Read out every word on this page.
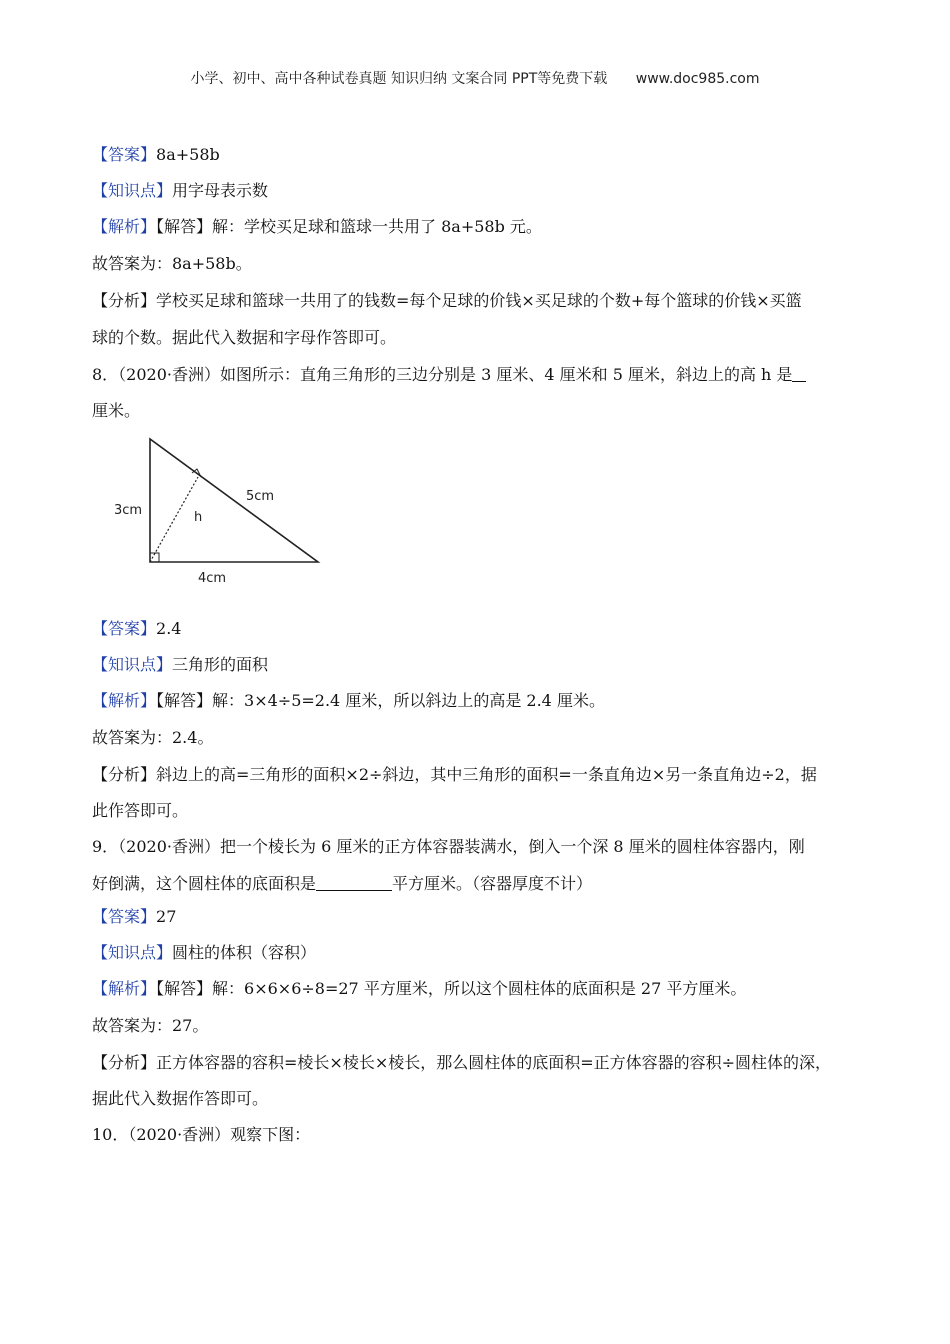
小学、初中、高中各种试卷真题 知识归纳 文案合同 PPT等免费下载 www.doc985.com
【答案】8a+58b
【知识点】用字母表示数
【解析】【解答】解：学校买足球和篮球一共用了 8a+58b 元。
故答案为：8a+58b。
【分析】学校买足球和篮球一共用了的钱数=每个足球的价钱×买足球的个数+每个篮球的价钱×买篮
球的个数。据此代入数据和字母作答即可。
8．（2020·香洲）如图所示：直角三角形的三边分别是 3 厘米、4 厘米和 5 厘米，斜边上的高 h 是
厘米。
3cm
4cm
5cm
h
【答案】2.4
【知识点】三角形的面积
【解析】【解答】解：3×4÷5=2.4 厘米，所以斜边上的高是 2.4 厘米。
故答案为：2.4。
【分析】斜边上的高=三角形的面积×2÷斜边，其中三角形的面积=一条直角边×另一条直角边÷2，据
此作答即可。
9．（2020·香洲）把一个棱长为 6 厘米的正方体容器装满水，倒入一个深 8 厘米的圆柱体容器内，刚
好倒满，这个圆柱体的底面积是	平方厘米。（容器厚度不计）
【答案】27
【知识点】圆柱的体积（容积）
【解析】【解答】解：6×6×6÷8=27 平方厘米，所以这个圆柱体的底面积是 27 平方厘米。
故答案为：27。
【分析】正方体容器的容积=棱长×棱长×棱长，那么圆柱体的底面积=正方体容器的容积÷圆柱体的深，
据此代入数据作答即可。
10．（2020·香洲）观察下图：
